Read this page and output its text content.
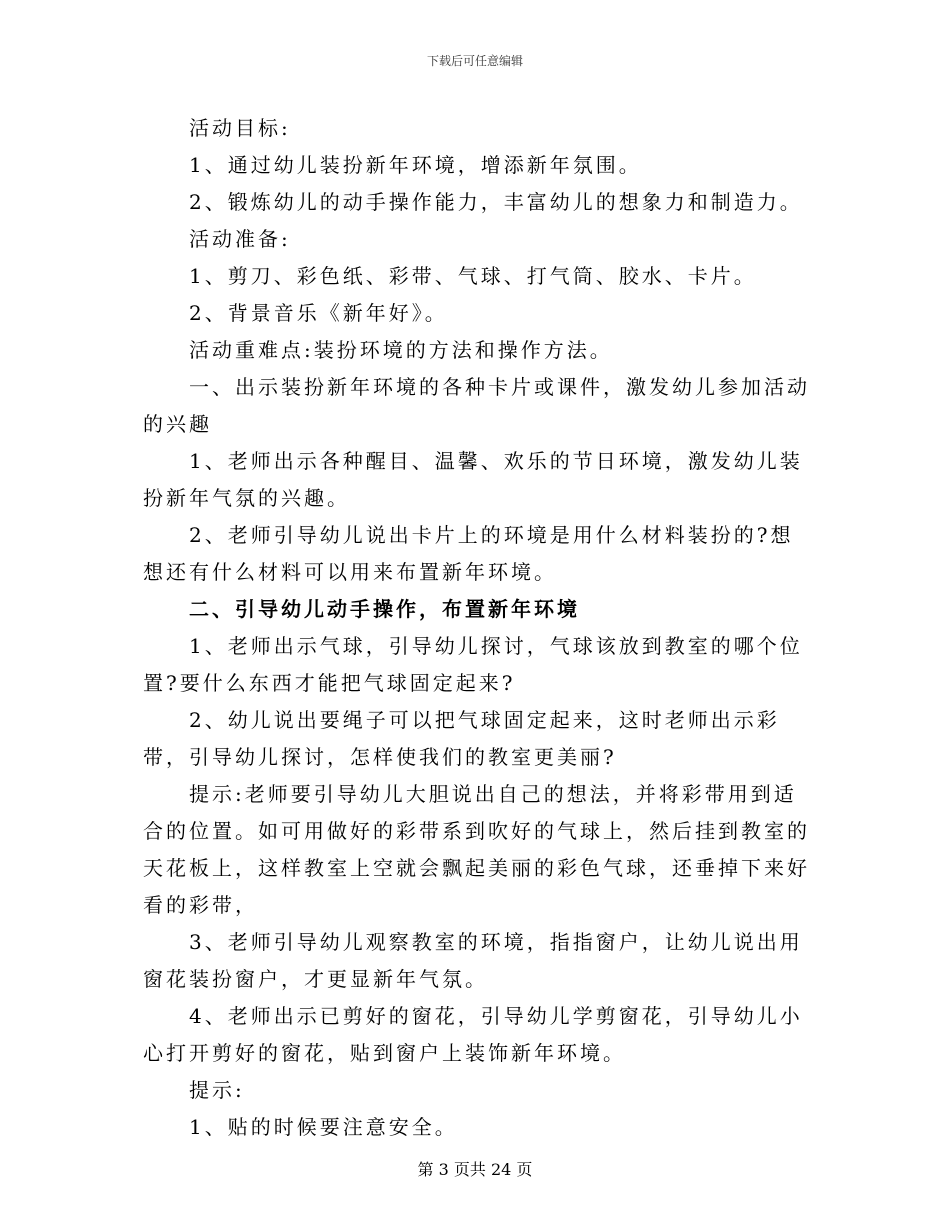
下载后可任意编辑

活动目标:

1、通过幼儿装扮新年环境，增添新年氛围。

2、锻炼幼儿的动手操作能力，丰富幼儿的想象力和制造力。

活动准备:

1、剪刀、彩色纸、彩带、气球、打气筒、胶水、卡片。

2、背景音乐《新年好》。

活动重难点:装扮环境的方法和操作方法。

一、出示装扮新年环境的各种卡片或课件，激发幼儿参加活动的兴趣

1、老师出示各种醒目、温馨、欢乐的节日环境，激发幼儿装扮新年气氛的兴趣。

2、老师引导幼儿说出卡片上的环境是用什么材料装扮的?想想还有什么材料可以用来布置新年环境。

二、引导幼儿动手操作，布置新年环境

1、老师出示气球，引导幼儿探讨，气球该放到教室的哪个位置?要什么东西才能把气球固定起来?

2、幼儿说出要绳子可以把气球固定起来，这时老师出示彩带，引导幼儿探讨，怎样使我们的教室更美丽?

提示:老师要引导幼儿大胆说出自己的想法，并将彩带用到适合的位置。如可用做好的彩带系到吹好的气球上，然后挂到教室的天花板上，这样教室上空就会飘起美丽的彩色气球，还垂掉下来好看的彩带，

3、老师引导幼儿观察教室的环境，指指窗户，让幼儿说出用窗花装扮窗户，才更显新年气氛。

4、老师出示已剪好的窗花，引导幼儿学剪窗花，引导幼儿小心打开剪好的窗花，贴到窗户上装饰新年环境。

提示:

1、贴的时候要注意安全。

第 3 页共 24 页
